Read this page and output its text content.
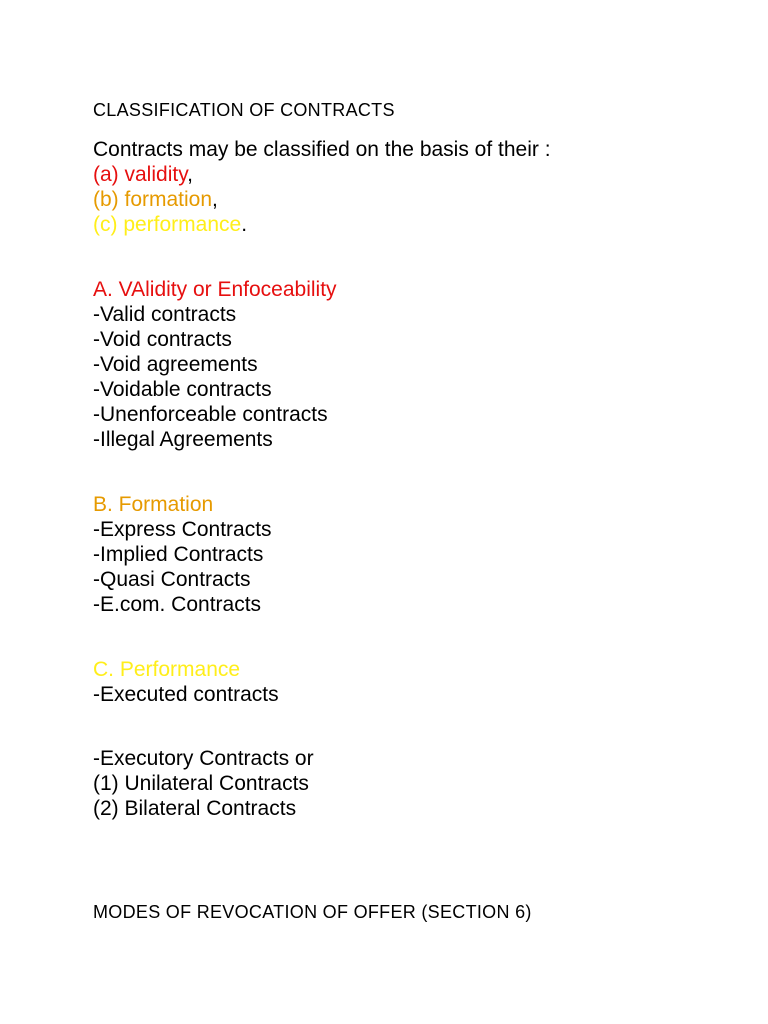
CLASSIFICATION OF CONTRACTS
Contracts may be classified on the basis of their :
(a) validity,
(b) formation,
(c) performance.
A. VAlidity or Enfoceability
-Valid contracts
-Void contracts
-Void agreements
-Voidable contracts
-Unenforceable contracts
-Illegal Agreements
B. Formation
-Express Contracts
-Implied Contracts
-Quasi Contracts
-E.com. Contracts
C. Performance
-Executed contracts
-Executory Contracts or
(1) Unilateral Contracts
(2) Bilateral Contracts
MODES OF REVOCATION OF OFFER (SECTION 6)
